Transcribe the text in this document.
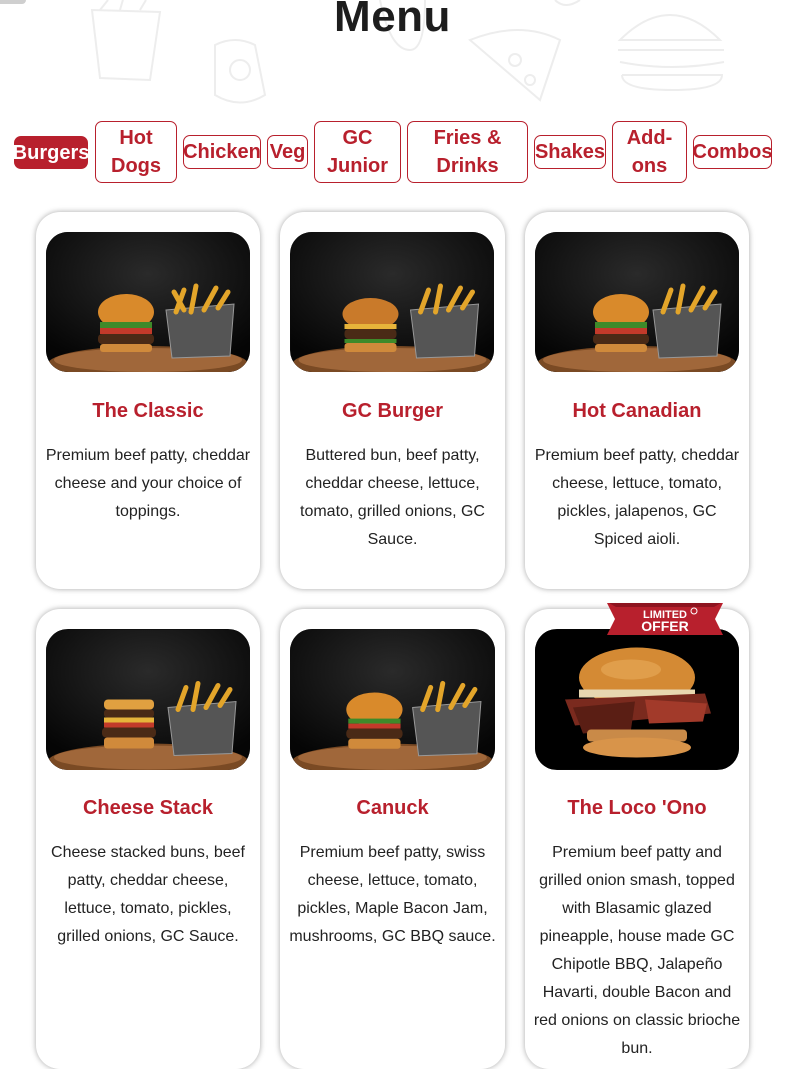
Menu
Burgers
Hot Dogs
Chicken Veg
GC Junior
Fries & Drinks
Shakes
Add-ons
Combos
The Classic
Premium beef patty, cheddar cheese and your choice of toppings.
GC Burger
Buttered bun, beef patty, cheddar cheese, lettuce, tomato, grilled onions, GC Sauce.
Hot Canadian
Premium beef patty, cheddar cheese, lettuce, tomato, pickles, jalapenos, GC Spiced aioli.
Cheese Stack
Cheese stacked buns, beef patty, cheddar cheese, lettuce, tomato, pickles, grilled onions, GC Sauce.
Canuck
Premium beef patty, swiss cheese, lettuce, tomato, pickles, Maple Bacon Jam, mushrooms, GC BBQ sauce.
The Loco 'Ono
Premium beef patty and grilled onion smash, topped with Blasamic glazed pineapple, house made GC Chipotle BBQ, Jalapeño Havarti, double Bacon and red onions on classic brioche bun.
LIMITED
OFFER
